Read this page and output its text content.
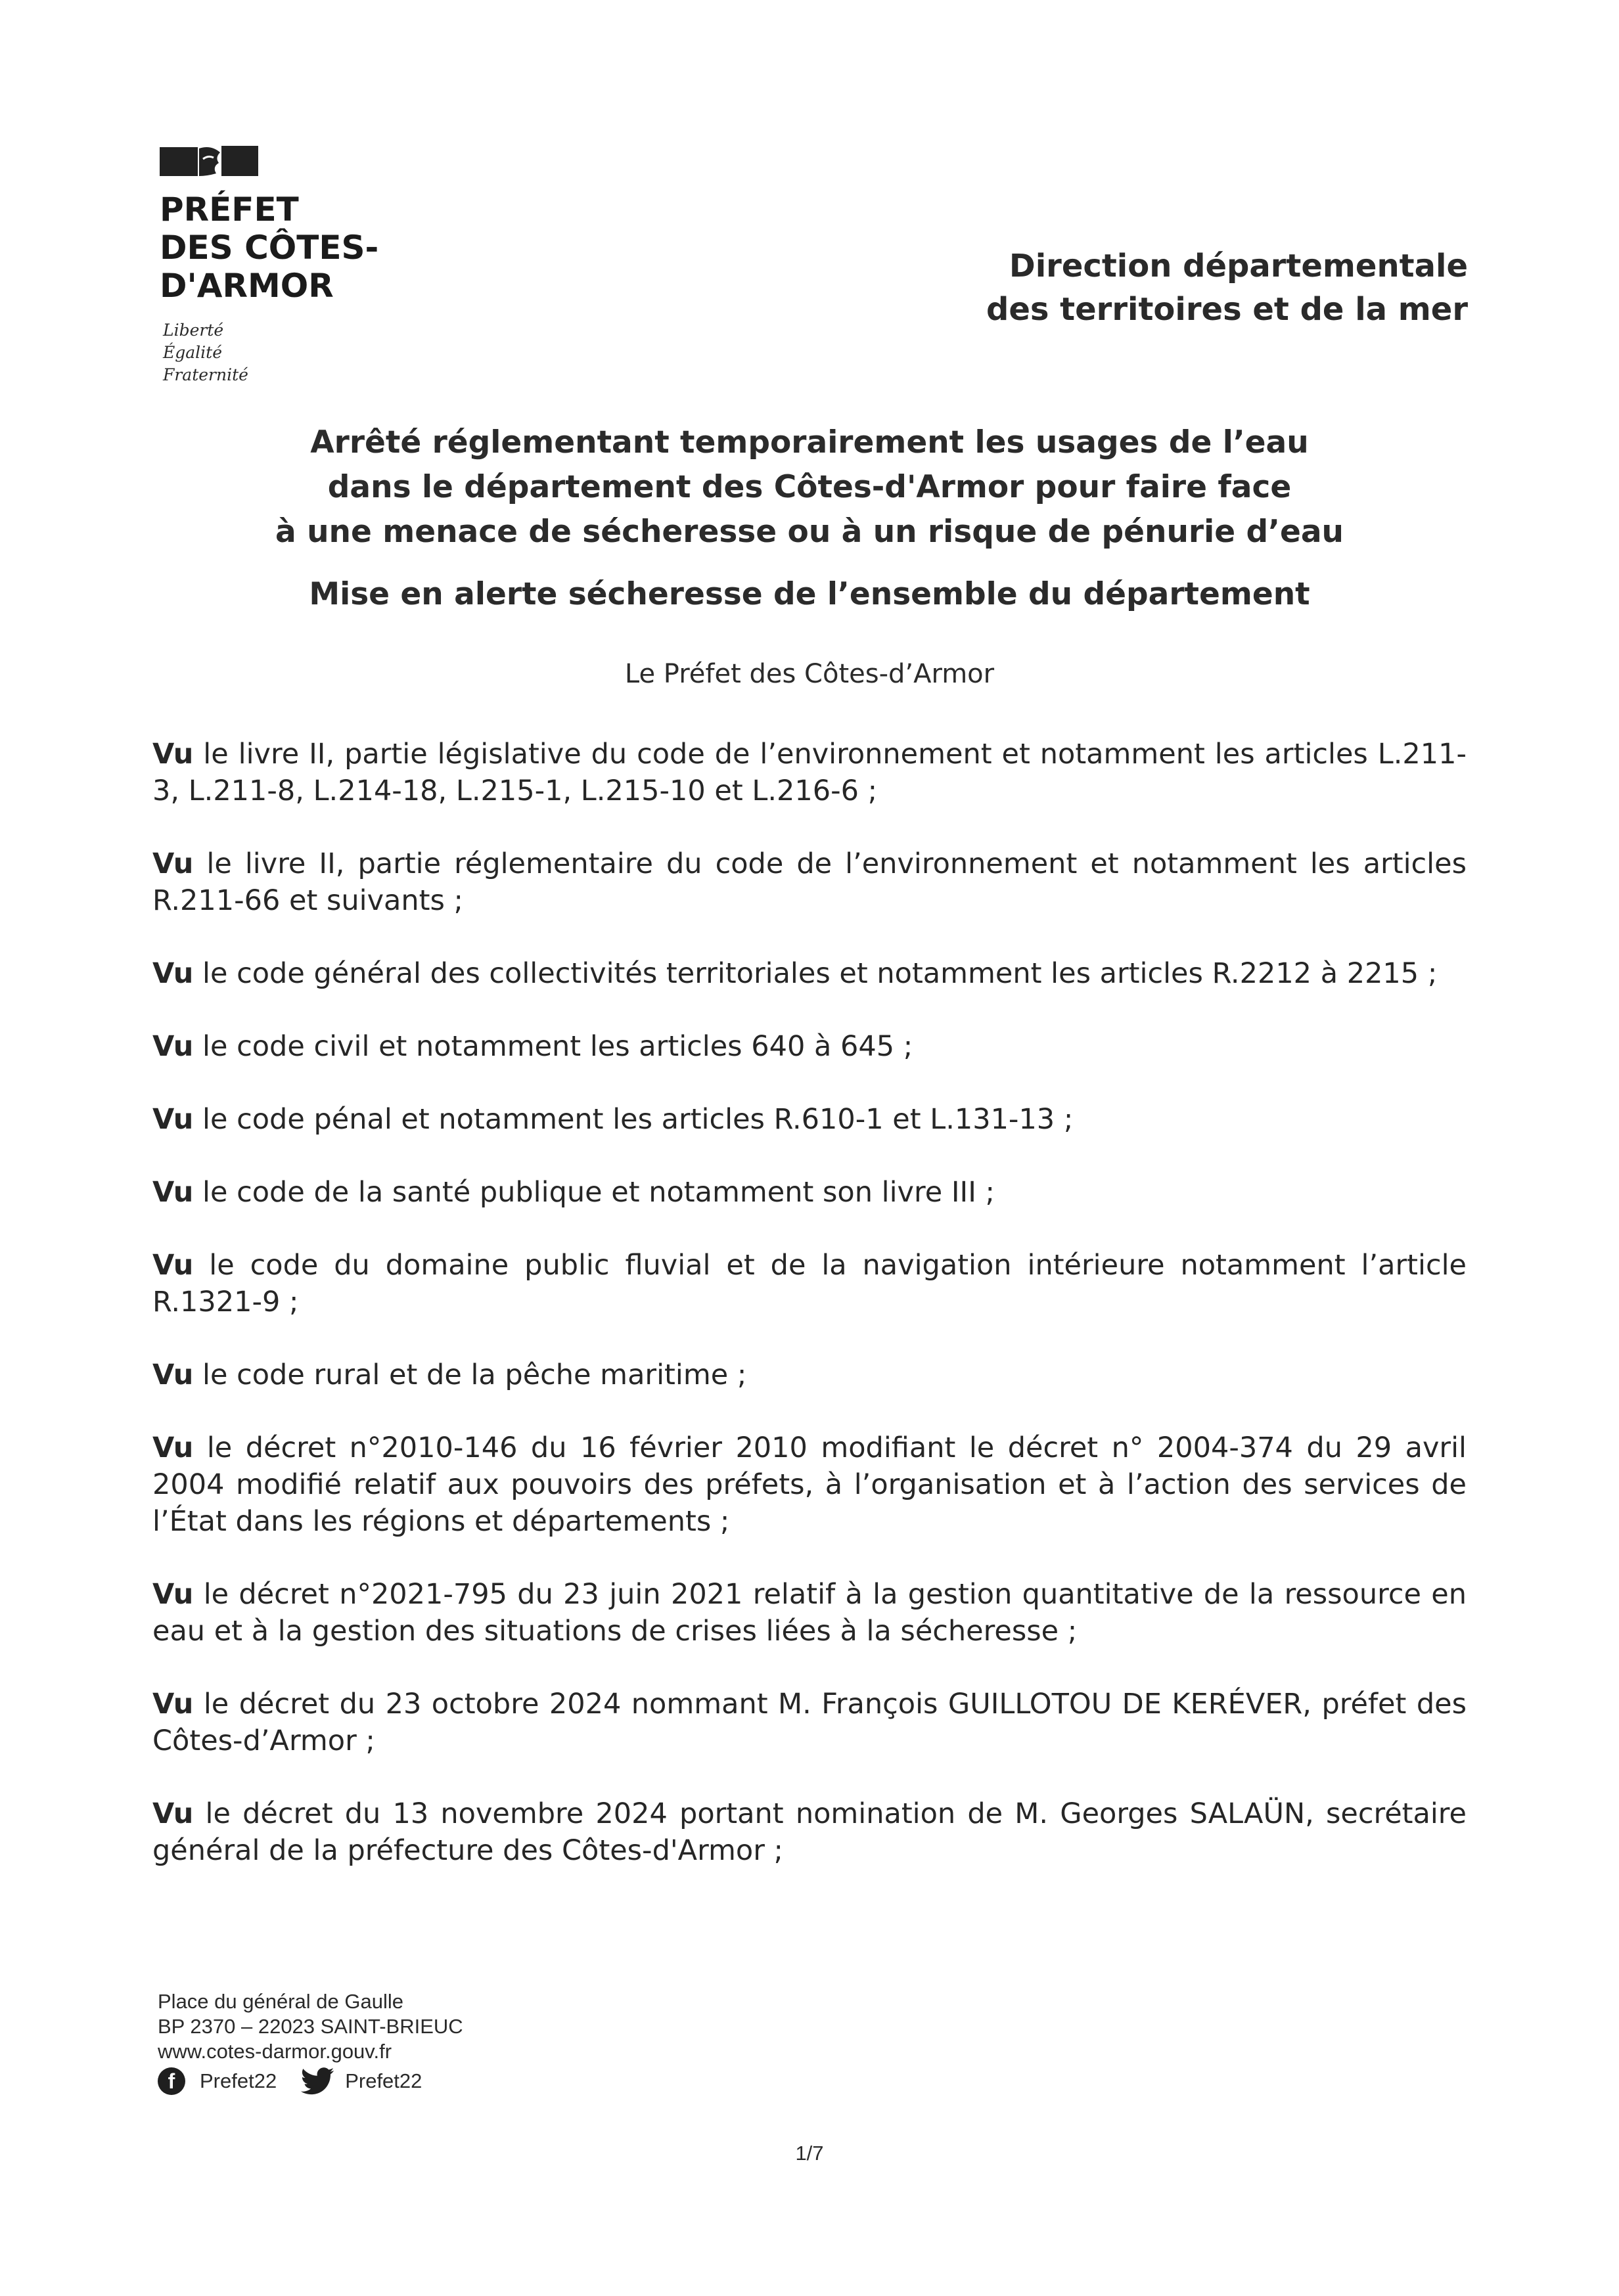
PRÉFET
DES CÔTES-
D'ARMOR
Liberté
Égalité
Fraternité
Direction départementale
des territoires et de la mer
Arrêté réglementant temporairement les usages de l’eau
dans le département des Côtes-d'Armor pour faire face
à une menace de sécheresse ou à un risque de pénurie d’eau
Mise en alerte sécheresse de l’ensemble du département
Le Préfet des Côtes-d’Armor

Vu le livre II, partie législative du code de l’environnement et notamment les articles L.211-3, L.211-8, L.214-18, L.215-1, L.215-10 et L.216-6 ;

Vu le livre II, partie réglementaire du code de l’environnement et notamment les articles R.211-66 et suivants ;

Vu le code général des collectivités territoriales et notamment les articles R.2212 à 2215 ;

Vu le code civil et notamment les articles 640 à 645 ;

Vu le code pénal et notamment les articles R.610-1 et L.131-13 ;

Vu le code de la santé publique et notamment son livre III ;

Vu le code du domaine public fluvial et de la navigation intérieure notamment l’article R.1321-9 ;

Vu le code rural et de la pêche maritime ;

Vu le décret n°2010-146 du 16 février 2010 modifiant le décret n° 2004-374 du 29 avril 2004 modifié relatif aux pouvoirs des préfets, à l’organisation et à l’action des services de l’État dans les régions et départements ;

Vu le décret n°2021-795 du 23 juin 2021 relatif à la gestion quantitative de la ressource en eau et à la gestion des situations de crises liées à la sécheresse ;

Vu le décret du 23 octobre 2024 nommant M. François GUILLOTOU DE KERÉVER, préfet des Côtes-d’Armor ;

Vu le décret du 13 novembre 2024 portant nomination de M. Georges SALAÜN, secrétaire général de la préfecture des Côtes-d'Armor ;

Place du général de Gaulle
BP 2370 – 22023 SAINT-BRIEUC
www.cotes-darmor.gouv.fr
f	Prefet22	Prefet22
1/7
